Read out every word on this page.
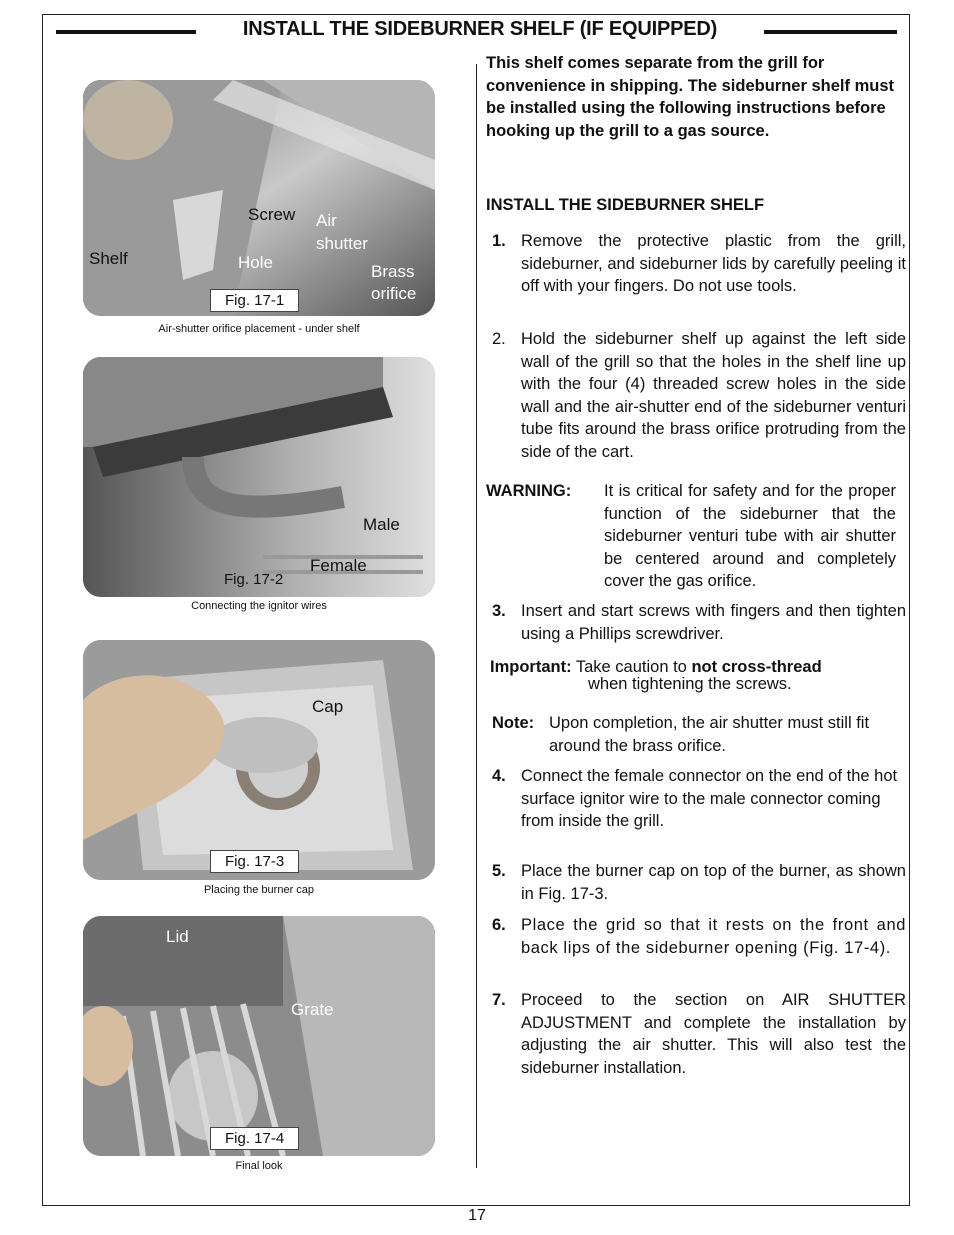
INSTALL THE SIDEBURNER SHELF (IF EQUIPPED)
Screw Air
shutter
Shelf	Hole	Brass
orifice
Fig. 17-1
Air-shutter orifice placement - under shelf
Male
Female
Fig. 17-2
Connecting the ignitor wires
Cap
Fig. 17-3
Placing the burner cap
Lid
Grate
Fig. 17-4
Final look

This shelf comes separate from the grill for convenience in shipping. The sideburner shelf must be installed using the following instructions before hooking up the grill to a gas source.

INSTALL THE SIDEBURNER SHELF

1. Remove the protective plastic from the grill, sideburner, and sideburner lids by carefully peeling it off with your fingers. Do not use tools.
2. Hold the sideburner shelf up against the left side wall of the grill so that the holes in the shelf line up with the four (4) threaded screw holes in the side wall and the air-shutter end of the sideburner venturi tube fits around the brass orifice protruding from the side of the cart.
WARNING: It is critical for safety and for the proper function of the sideburner that the sideburner venturi tube with air shutter be centered around and completely cover the gas orifice.
3. Insert and start screws with fingers and then tighten using a Phillips screwdriver.
Important: Take caution to not cross-thread
when tightening the screws.
Note: Upon completion, the air shutter must still fit around the brass orifice.
4. Connect the female connector on the end of the hot surface ignitor wire to the male connector coming from inside the grill.
5. Place the burner cap on top of the burner, as shown in Fig. 17-3.
6. Place the grid so that it rests on the front and back lips of the sideburner opening (Fig. 17-4).
7. Proceed to the section on AIR SHUTTER ADJUSTMENT and complete the installation by adjusting the air shutter. This will also test the sideburner installation.
17
